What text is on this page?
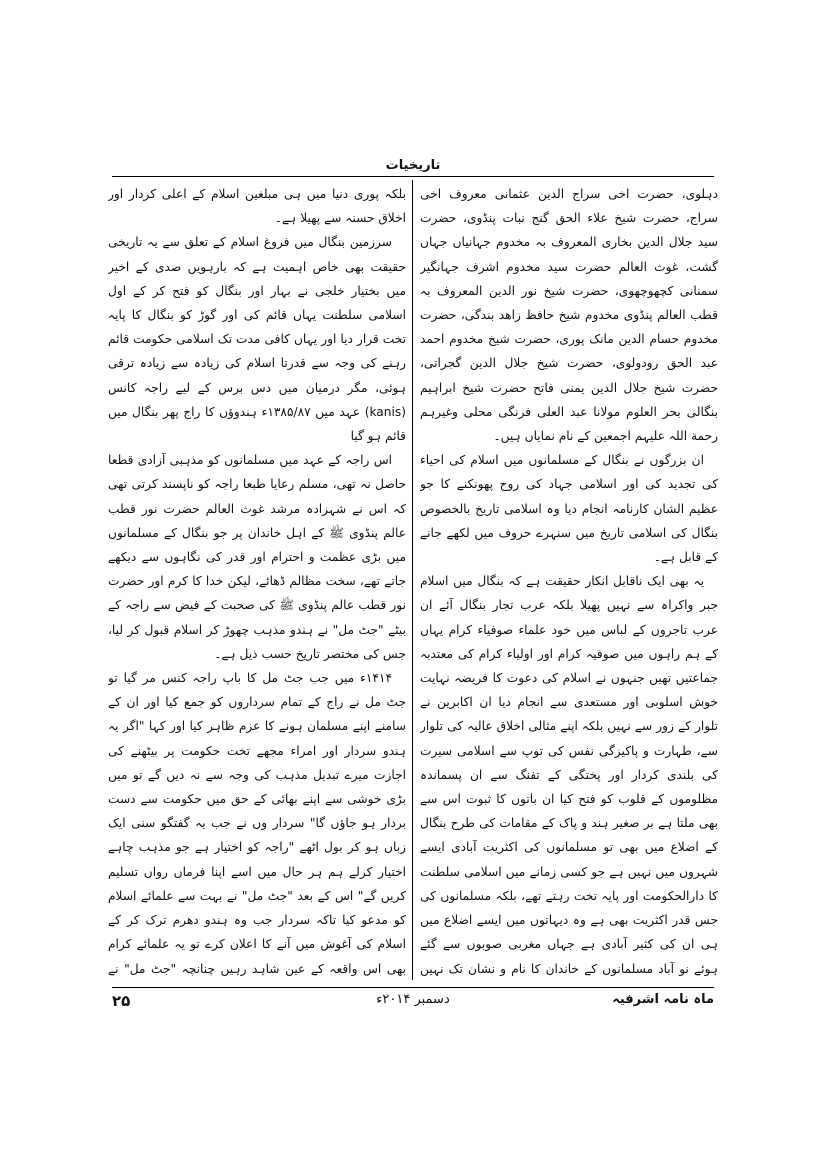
تاریخیات

دہلوی، حضرت اخی سراج الدین عثمانی معروف اخی سراج، حضرت شیخ علاء الحق گنج نبات پنڈوی، حضرت سید جلال الدین بخاری المعروف بہ مخدوم جہانیاں جہاں گشت، غوث العالم حضرت سید مخدوم اشرف جہانگیر سمنانی کچھوچھوی، حضرت شیخ نور الدین المعروف بہ قطب العالم پنڈوی مخدوم شیخ حافظ زاهد بندگی، حضرت مخدوم حسام الدین مانک پوری، حضرت شیخ مخدوم احمد عبد الحق رودولوی، حضرت شیخ جلال الدین گجراتی، حضرت شیخ جلال الدین یمنی فاتح حضرت شیخ ابراہیم بنگالی بحر العلوم مولانا عبد العلی فرنگی محلی وغیرہم رحمة اللہ علیہم اجمعین کے نام نمایاں ہیں۔

ان بزرگوں نے بنگال کے مسلمانوں میں اسلام کی احیاء کی تجدید کی اور اسلامی جہاد کی روح پھونکنے کا جو عظیم الشان کارنامہ انجام دیا وہ اسلامی تاریخ بالخصوص بنگال کی اسلامی تاریخ میں سنہرے حروف میں لکھے جانے کے قابل ہے۔

یہ بھی ایک ناقابل انکار حقیقت ہے کہ بنگال میں اسلام جبر واکراہ سے نہیں پھیلا بلکہ عرب تجار بنگال آئے ان عرب تاجروں کے لباس میں خود علماء صوفیاء کرام یہاں کے ہم راہوں میں صوفیہ کرام اور اولیاء کرام کی معتدبہ جماعتیں تھیں جنہوں نے اسلام کی دعوت کا فریضہ نہایت خوش اسلوبی اور مستعدی سے انجام دیا ان اکابرین نے تلوار کے زور سے نہیں بلکہ اپنے مثالی اخلاق عالیہ کی تلوار سے، طہارت و پاکیزگی نفس کی توپ سے اسلامی سیرت کی بلندی کردار اور پختگی کے تفنگ سے ان پسماندہ مظلوموں کے قلوب کو فتح کیا ان باتوں کا ثبوت اس سے بھی ملتا ہے بر صغیر ہند و پاک کے مقامات کی طرح بنگال کے اضلاع میں بھی تو مسلمانوں کی اکثریت آبادی ایسے شہروں میں نہیں ہے جو کسی زمانے میں اسلامی سلطنت کا دارالحکومت اور پایہ تخت رہتے تھے، بلکہ مسلمانوں کی جس قدر اکثریت بھی ہے وہ دیہاتوں میں ایسے اضلاع میں ہی ان کی کثیر آبادی ہے جہاں مغربی صوبوں سے گئے ہوئے نو آباد مسلمانوں کے خاندان کا نام و نشان تک نہیں

بلکہ پوری دنیا میں ہی مبلغین اسلام کے اعلی کردار اور اخلاق حسنہ سے پھیلا ہے۔

سرزمین بنگال میں فروغ اسلام کے تعلق سے یہ تاریخی حقیقت بھی خاص اہمیت ہے کہ بارہویں صدی کے اخیر میں بختیار خلجی نے بہار اور بنگال کو فتح کر کے اول اسلامی سلطنت یہاں قائم کی اور گوڑ کو بنگال کا پایہ تخت قرار دیا اور یہاں کافی مدت تک اسلامی حکومت قائم رہنے کی وجہ سے قدرتا اسلام کی زیادہ سے زیادہ ترقی ہوئی، مگر درمیان میں دس برس کے لیے راجہ کانس (kanis) عہد میں ۱۳۸۵/۸۷ء ہندوؤں کا راج پھر بنگال میں قائم ہو گیا

اس راجہ کے عہد میں مسلمانوں کو مذہبی آزادی قطعا حاصل نہ تھی، مسلم رعایا طبعا راجہ کو ناپسند کرتی تھی کہ اس نے شہزادہ مرشد غوث العالم حضرت نور قطب عالم پنڈوی ﷺ کے اہل خاندان پر جو بنگال کے مسلمانوں میں بڑی عظمت و احترام اور قدر کی نگاہوں سے دیکھے جاتے تھے، سخت مظالم ڈھائے، لیکن خدا کا کرم اور حضرت نور قطب عالم پنڈوی ﷺ کی صحبت کے فیض سے راجہ کے بیٹے "جٹ مل" نے ہندو مذہب چھوڑ کر اسلام قبول کر لیا، جس کی مختصر تاریخ حسب ذیل ہے۔

۱۴۱۴ء میں جب جٹ مل کا باپ راجہ کنس مر گیا تو جٹ مل نے راج کے تمام سرداروں کو جمع کیا اور ان کے سامنے اپنے مسلمان ہونے کا عزم ظاہر کیا اور کہا "اگر یہ ہندو سردار اور امراء مجھے تخت حکومت پر بیٹھنے کی اجازت میرے تبدیل مذہب کی وجہ سے نہ دیں گے تو میں بڑی خوشی سے اپنے بھائی کے حق میں حکومت سے دست بردار ہو جاؤں گا" سردار وں نے جب یہ گفتگو سنی ایک زباں ہو کر بول اٹھے "راجہ کو اختیار ہے جو مذہب چاہے اختیار کرلے ہم ہر حال میں اسے اپنا فرماں رواں تسلیم کریں گے" اس کے بعد "جٹ مل" نے بہت سے علمائے اسلام کو مدعو کیا تاکہ سردار جب وہ ہندو دھرم ترک کر کے اسلام کی آغوش میں آنے کا اعلان کرے تو یہ علمائے کرام بھی اس واقعہ کے عین شاہد رہیں چنانچہ "جٹ مل" نے

ماہ نامہ اشرفیہ
دسمبر ۲۰۱۴ء
۲۵
